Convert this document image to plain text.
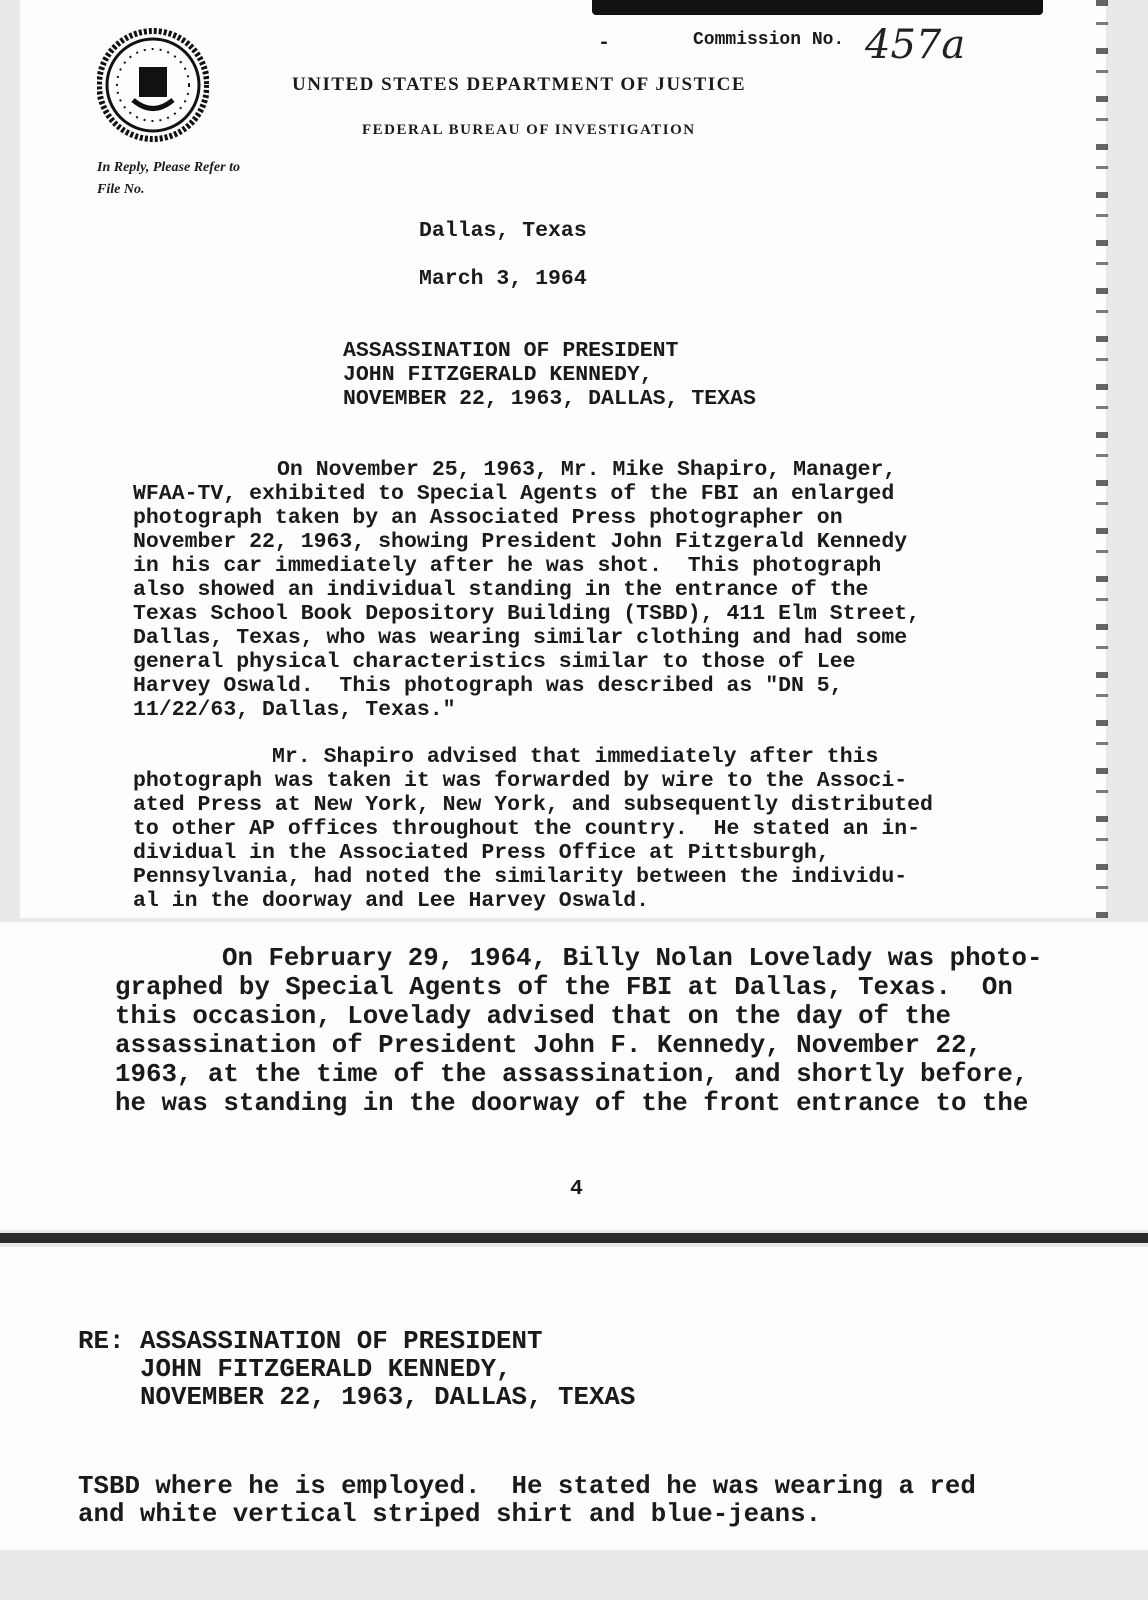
-	Commission No. 457a
UNITED STATES DEPARTMENT OF JUSTICE
FEDERAL BUREAU OF INVESTIGATION
In Reply, Please Refer to
File No.
Dallas, Texas
March 3, 1964
ASSASSINATION OF PRESIDENT
JOHN FITZGERALD KENNEDY,
NOVEMBER 22, 1963, DALLAS, TEXAS
On November 25, 1963, Mr. Mike Shapiro, Manager,
WFAA-TV, exhibited to Special Agents of the FBI an enlarged
photograph taken by an Associated Press photographer on
November 22, 1963, showing President John Fitzgerald Kennedy
in his car immediately after he was shot.  This photograph
also showed an individual standing in the entrance of the
Texas School Book Depository Building (TSBD), 411 Elm Street,
Dallas, Texas, who was wearing similar clothing and had some
general physical characteristics similar to those of Lee
Harvey Oswald.  This photograph was described as "DN 5,
11/22/63, Dallas, Texas."
Mr. Shapiro advised that immediately after this
photograph was taken it was forwarded by wire to the Associ-
ated Press at New York, New York, and subsequently distributed
to other AP offices throughout the country.  He stated an in-
dividual in the Associated Press Office at Pittsburgh,
Pennsylvania, had noted the similarity between the individu-
al in the doorway and Lee Harvey Oswald.
On February 29, 1964, Billy Nolan Lovelady was photo-
graphed by Special Agents of the FBI at Dallas, Texas.  On
this occasion, Lovelady advised that on the day of the
assassination of President John F. Kennedy, November 22,
1963, at the time of the assassination, and shortly before,
he was standing in the doorway of the front entrance to the
4
RE: ASSASSINATION OF PRESIDENT
JOHN FITZGERALD KENNEDY,
NOVEMBER 22, 1963, DALLAS, TEXAS
TSBD where he is employed.  He stated he was wearing a red
and white vertical striped shirt and blue-jeans.
